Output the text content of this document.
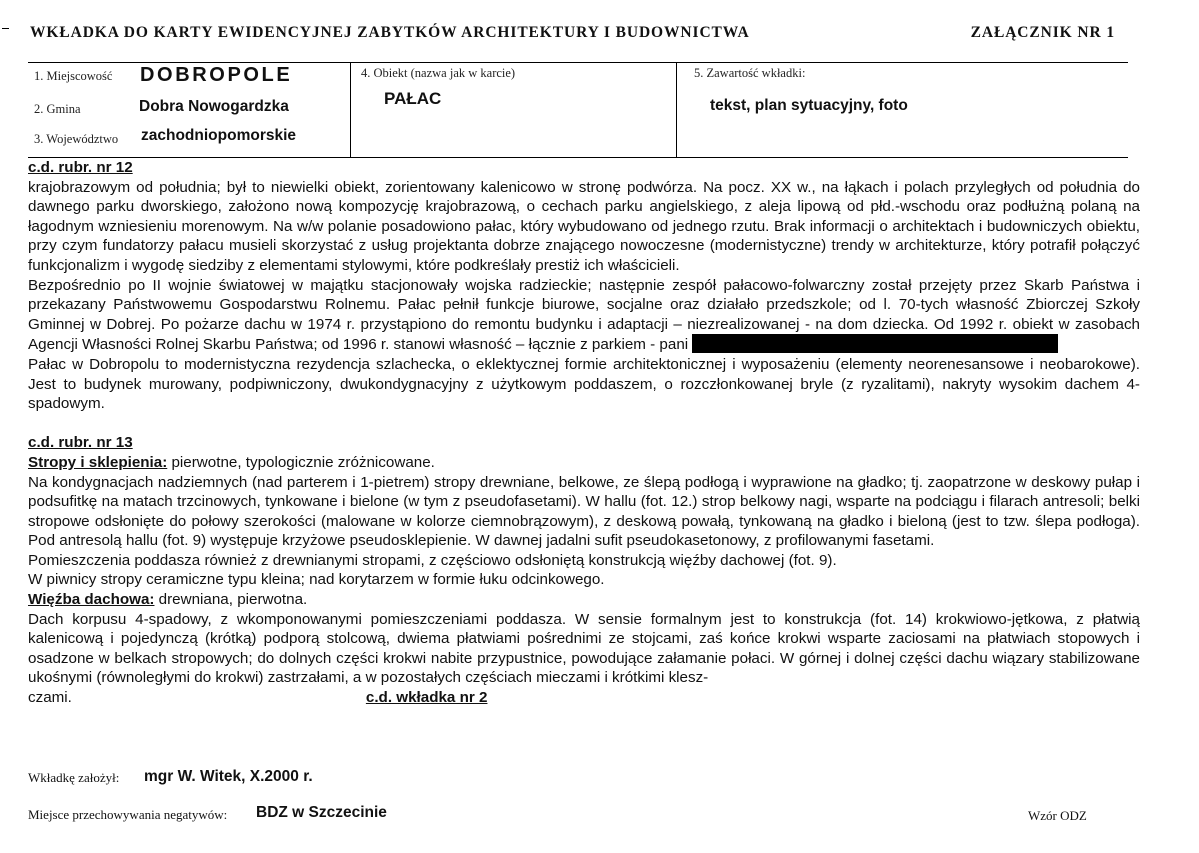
WKŁADKA DO KARTY EWIDENCYJNEJ ZABYTKÓW ARCHITEKTURY I BUDOWNICTWA	ZAŁĄCZNIK NR 1
1. Miejscowość DOBROPOLE
2. Gmina	Dobra Nowogardzka
3. Województwo zachodniopomorskie
4. Obiekt (nazwa jak w karcie)
PAŁAC
5. Zawartość wkładki:
tekst, plan sytuacyjny, foto
c.d. rubr. nr 12

krajobrazowym od południa; był to niewielki obiekt, zorientowany kalenicowo w stronę podwórza. Na pocz. XX w., na łąkach i polach przyległych od południa do dawnego parku dworskiego, założono nową kompozycję krajobrazową, o cechach parku angielskiego, z aleja lipową od płd.-wschodu oraz podłużną polaną na łagodnym wzniesieniu morenowym. Na w/w polanie posadowiono pałac, który wybudowano od jednego rzutu. Brak informacji o architektach i budowniczych obiektu, przy czym fundatorzy pałacu musieli skorzystać z usług projektanta dobrze znającego nowoczesne (modernistyczne) trendy w architekturze, który potrafił połączyć funkcjonalizm i wygodę siedziby z elementami stylowymi, które podkreślały prestiż ich właścicieli.

Bezpośrednio po II wojnie światowej w majątku stacjonowały wojska radzieckie; następnie zespół pałacowo-folwarczny został przejęty przez Skarb Państwa i przekazany Państwowemu Gospodarstwu Rolnemu. Pałac pełnił funkcje biurowe, socjalne oraz działało przedszkole; od l. 70-tych własność Zbiorczej Szkoły Gminnej w Dobrej. Po pożarze dachu w 1974 r. przystąpiono do remontu budynku i adaptacji – niezrealizowanej - na dom dziecka. Od 1992 r. obiekt w zasobach Agencji Własności Rolnej Skarbu Państwa; od 1996 r. stanowi własność – łącznie z parkiem - pani

Pałac w Dobropolu to modernistyczna rezydencja szlachecka, o eklektycznej formie architektonicznej i wyposażeniu (elementy neorenesansowe i neobarokowe). Jest to budynek murowany, podpiwniczony, dwukondygnacyjny z użytkowym poddaszem, o rozczłonkowanej bryle (z ryzalitami), nakryty wysokim dachem 4-spadowym.

c.d. rubr. nr 13

Stropy i sklepienia: pierwotne, typologicznie zróżnicowane.

Na kondygnacjach nadziemnych (nad parterem i 1-pietrem) stropy drewniane, belkowe, ze ślepą podłogą i wyprawione na gładko; tj. zaopatrzone w deskowy pułap i podsufitkę na matach trzcinowych, tynkowane i bielone (w tym z pseudofasetami). W hallu (fot. 12.) strop belkowy nagi, wsparte na podciągu i filarach antresoli; belki stropowe odsłonięte do połowy szerokości (malowane w kolorze ciemnobrązowym), z deskową powałą, tynkowaną na gładko i bieloną (jest to tzw. ślepa podłoga). Pod antresolą hallu (fot. 9) występuje krzyżowe pseudosklepienie. W dawnej jadalni sufit pseudokasetonowy, z profilowanymi fasetami.

Pomieszczenia poddasza również z drewnianymi stropami, z częściowo odsłoniętą konstrukcją więźby dachowej (fot. 9).

W piwnicy stropy ceramiczne typu kleina; nad korytarzem w formie łuku odcinkowego.

Więźba dachowa: drewniana, pierwotna.

Dach korpusu 4-spadowy, z wkomponowanymi pomieszczeniami poddasza. W sensie formalnym jest to konstrukcja (fot. 14) krokwiowo-jętkowa, z płatwią kalenicową i pojedynczą (krótką) podporą stolcową, dwiema płatwiami pośrednimi ze stojcami, zaś końce krokwi wsparte zaciosami na płatwiach stopowych i osadzone w belkach stropowych; do dolnych części krokwi nabite przypustnice, powodujące załamanie połaci. W górnej i dolnej części dachu wiązary stabilizowane ukośnymi (równoległymi do krokwi) zastrzałami, a w pozostałych częściach mieczami i krótkimi klesz-

czami.	c.d. wkładka nr 2

Wkładkę założył: mgr W. Witek, X.2000 r.
Miejsce przechowywania negatywów: BDZ w Szczecinie	Wzór ODZ
